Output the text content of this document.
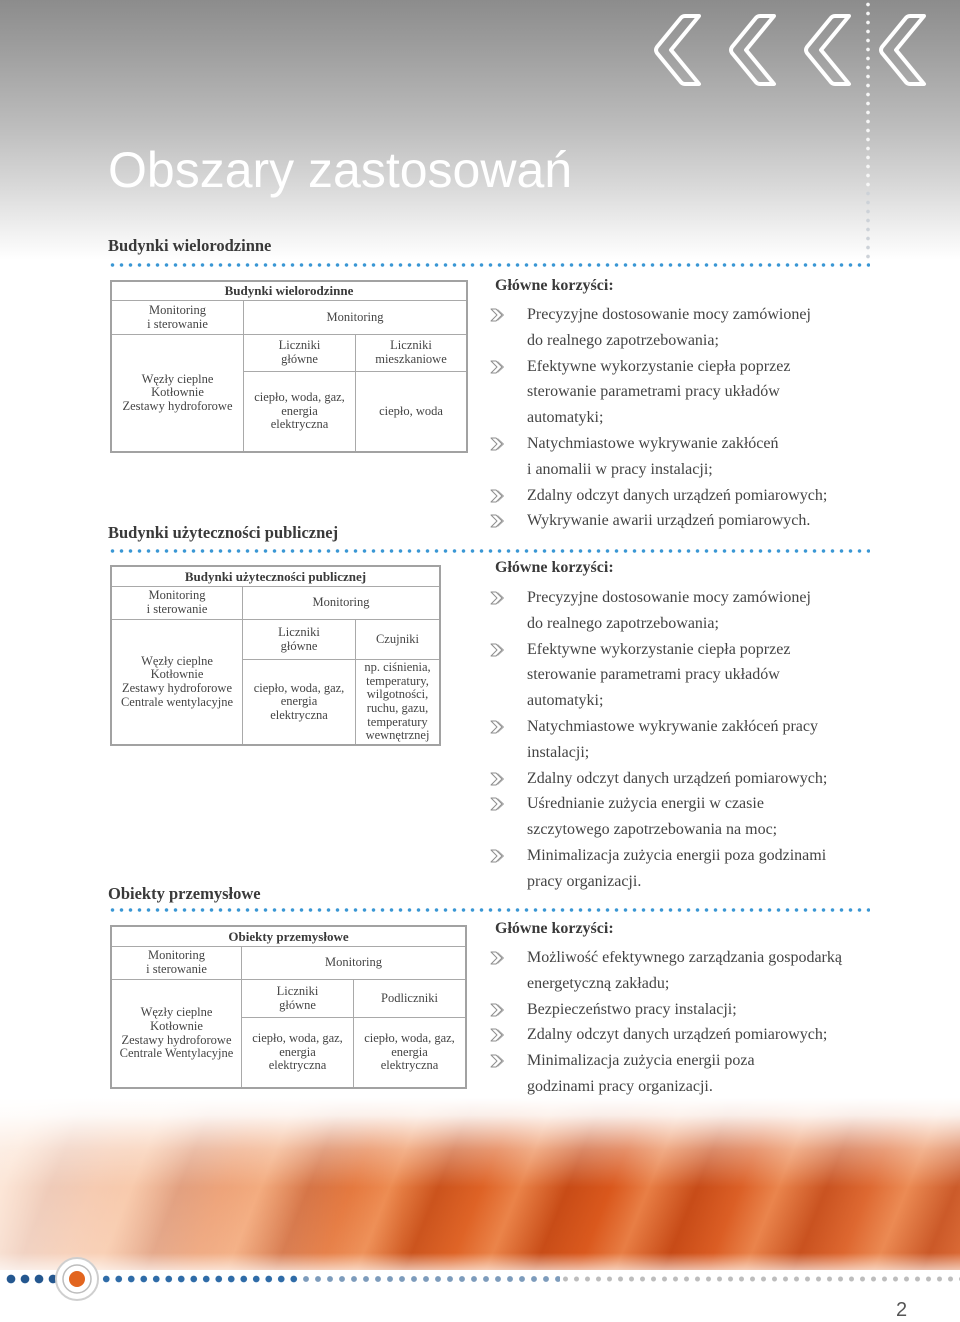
Obszary zastosowań
Budynki wielorodzinne
Budynki wielorodzinne
Monitoring
i sterowanie
Węzły cieplne
Kotłownie
Zestawy hydroforowe
Monitoring
Liczniki
główne
Liczniki
mieszkaniowe
ciepło, woda, gaz,
energia
elektryczna
ciepło, woda
Główne korzyści:
Precyzyjne dostosowanie mocy zamówionej
do realnego zapotrzebowania;
Efektywne wykorzystanie ciepła poprzez
sterowanie parametrami pracy układów
automatyki;
Natychmiastowe wykrywanie zakłóceń
i anomalii w pracy instalacji;
Zdalny odczyt danych urządzeń pomiarowych;
Wykrywanie awarii urządzeń pomiarowych.
Budynki użyteczności publicznej
Budynki użyteczności publicznej
Monitoring
i sterowanie
Węzły cieplne
Kotłownie
Zestawy hydroforowe
Centrale wentylacyjne
Monitoring
Liczniki
główne	Czujniki
ciepło, woda, gaz,
energia
elektryczna
np. ciśnienia,
temperatury,
wilgotności,
ruchu, gazu,
temperatury
wewnętrznej
Główne korzyści:
Precyzyjne dostosowanie mocy zamówionej
do realnego zapotrzebowania;
Efektywne wykorzystanie ciepła poprzez
sterowanie parametrami pracy układów
automatyki;
Natychmiastowe wykrywanie zakłóceń pracy
instalacji;
Zdalny odczyt danych urządzeń pomiarowych;
Uśrednianie zużycia energii w czasie
szczytowego zapotrzebowania na moc;
Minimalizacja zużycia energii poza godzinami
pracy organizacji.
Obiekty przemysłowe
Obiekty przemysłowe
Monitoring
i sterowanie
Węzły cieplne
Kotłownie
Zestawy hydroforowe
Centrale Wentylacyjne
Monitoring
Liczniki
główne	Podliczniki
ciepło, woda, gaz,
energia
elektryczna
ciepło, woda, gaz,
energia
elektryczna
Główne korzyści:
Możliwość efektywnego zarządzania gospodarką
energetyczną zakładu;
Bezpieczeństwo pracy instalacji;
Zdalny odczyt danych urządzeń pomiarowych;
Minimalizacja zużycia energii poza
godzinami pracy organizacji.
2
